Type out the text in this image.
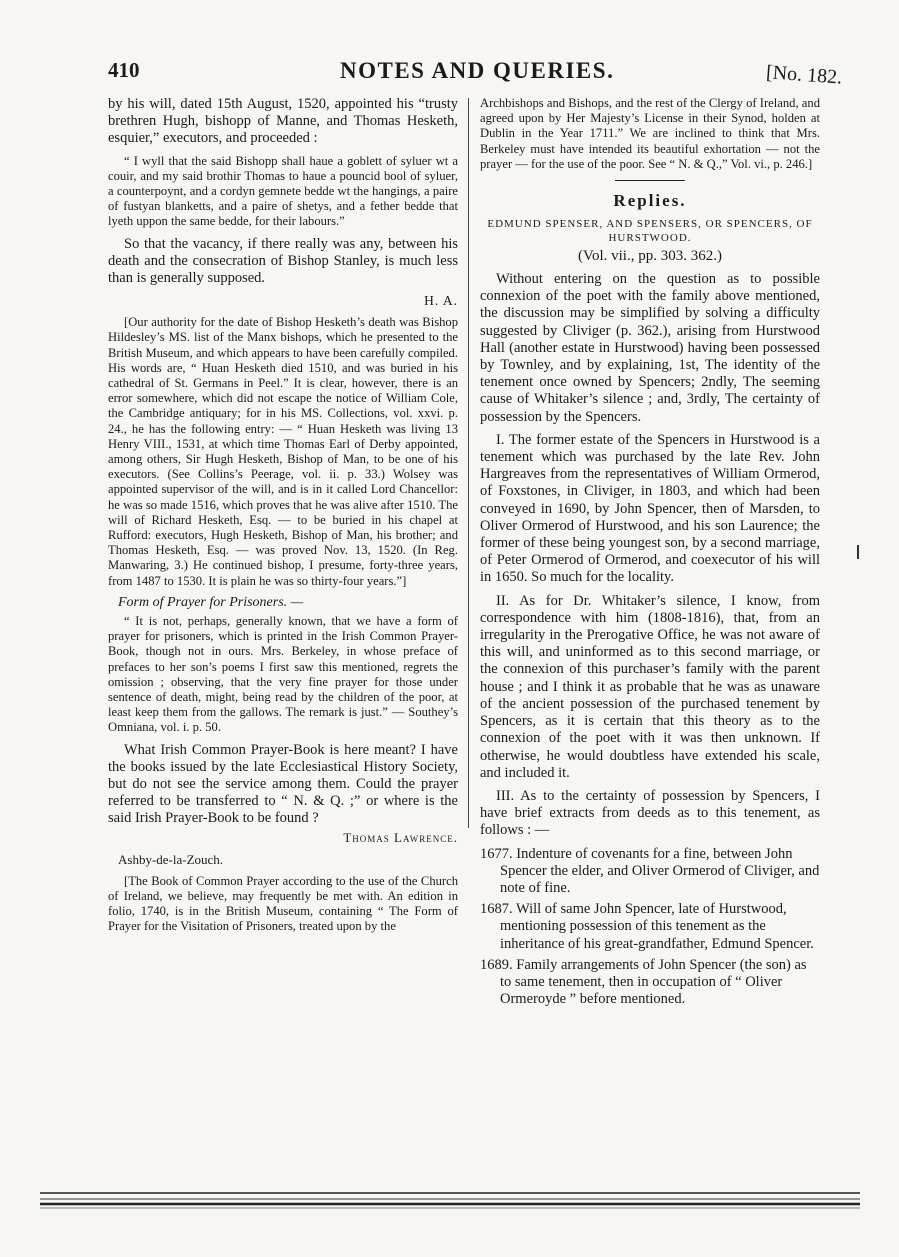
410	NOTES AND QUERIES.	[No. 182.

by his will, dated 15th August, 1520, appointed his “trusty brethren Hugh, bishopp of Manne, and Thomas Hesketh, esquier,” executors, and proceeded :

“ I wyll that the said Bishopp shall haue a goblett of syluer wt a couir, and my said brothir Thomas to haue a pouncid bool of syluer, a counterpoynt, and a cordyn gemnete bedde wt the hangings, a paire of fustyan blanketts, and a paire of shetys, and a fether bedde that lyeth uppon the same bedde, for their labours.”

So that the vacancy, if there really was any, between his death and the consecration of Bishop Stanley, is much less than is generally supposed.

H. A.

[Our authority for the date of Bishop Hesketh’s death was Bishop Hildesley’s MS. list of the Manx bishops, which he presented to the British Museum, and which appears to have been carefully compiled. His words are, “ Huan Hesketh died 1510, and was buried in his cathedral of St. Germans in Peel.” It is clear, however, there is an error somewhere, which did not escape the notice of William Cole, the Cambridge antiquary; for in his MS. Collections, vol. xxvi. p. 24., he has the following entry: — “ Huan Hesketh was living 13 Henry VIII., 1531, at which time Thomas Earl of Derby appointed, among others, Sir Hugh Hesketh, Bishop of Man, to be one of his executors. (See Collins’s Peerage, vol. ii. p. 33.) Wolsey was appointed supervisor of the will, and is in it called Lord Chancellor: he was so made 1516, which proves that he was alive after 1510. The will of Richard Hesketh, Esq. — to be buried in his chapel at Rufford: executors, Hugh Hesketh, Bishop of Man, his brother; and Thomas Hesketh, Esq. — was proved Nov. 13, 1520. (In Reg. Manwaring, 3.) He continued bishop, I presume, forty-three years, from 1487 to 1530. It is plain he was so thirty-four years.”]

Form of Prayer for Prisoners. —

“ It is not, perhaps, generally known, that we have a form of prayer for prisoners, which is printed in the Irish Common Prayer-Book, though not in ours. Mrs. Berkeley, in whose preface of prefaces to her son’s poems I first saw this mentioned, regrets the omission ; observing, that the very fine prayer for those under sentence of death, might, being read by the children of the poor, at least keep them from the gallows. The remark is just.” — Southey’s Omniana, vol. i. p. 50.

What Irish Common Prayer-Book is here meant? I have the books issued by the late Ecclesiastical History Society, but do not see the service among them. Could the prayer referred to be transferred to “ N. & Q. ;” or where is the said Irish Prayer-Book to be found ?

Thomas Lawrence.
Ashby-de-la-Zouch.

[The Book of Common Prayer according to the use of the Church of Ireland, we believe, may frequently be met with. An edition in folio, 1740, is in the British Museum, containing “ The Form of Prayer for the Visitation of Prisoners, treated upon by the

Archbishops and Bishops, and the rest of the Clergy of Ireland, and agreed upon by Her Majesty’s License in their Synod, holden at Dublin in the Year 1711.” We are inclined to think that Mrs. Berkeley must have intended its beautiful exhortation — not the prayer — for the use of the poor. See “ N. & Q.,” Vol. vi., p. 246.]

Replies.
EDMUND SPENSER, AND SPENSERS, OR SPENCERS, OF HURSTWOOD.
(Vol. vii., pp. 303. 362.)

Without entering on the question as to possible connexion of the poet with the family above mentioned, the discussion may be simplified by solving a difficulty suggested by Cliviger (p. 362.), arising from Hurstwood Hall (another estate in Hurstwood) having been possessed by Townley, and by explaining, 1st, The identity of the tenement once owned by Spencers; 2ndly, The seeming cause of Whitaker’s silence ; and, 3rdly, The certainty of possession by the Spencers.

I. The former estate of the Spencers in Hurstwood is a tenement which was purchased by the late Rev. John Hargreaves from the representatives of William Ormerod, of Foxstones, in Cliviger, in 1803, and which had been conveyed in 1690, by John Spencer, then of Marsden, to Oliver Ormerod of Hurstwood, and his son Laurence; the former of these being youngest son, by a second marriage, of Peter Ormerod of Ormerod, and coexecutor of his will in 1650. So much for the locality.

II. As for Dr. Whitaker’s silence, I know, from correspondence with him (1808-1816), that, from an irregularity in the Prerogative Office, he was not aware of this will, and uninformed as to this second marriage, or the connexion of this purchaser’s family with the parent house ; and I think it as probable that he was as unaware of the ancient possession of the purchased tenement by Spencers, as it is certain that this theory as to the connexion of the poet with it was then unknown. If otherwise, he would doubtless have extended his scale, and included it.

III. As to the certainty of possession by Spencers, I have brief extracts from deeds as to this tenement, as follows : —

1677. Indenture of covenants for a fine, between John Spencer the elder, and Oliver Ormerod of Cliviger, and note of fine.

1687. Will of same John Spencer, late of Hurstwood, mentioning possession of this tenement as the inheritance of his great-grandfather, Edmund Spencer.

1689. Family arrangements of John Spencer (the son) as to same tenement, then in occupation of “ Oliver Ormeroyde ” before mentioned.
